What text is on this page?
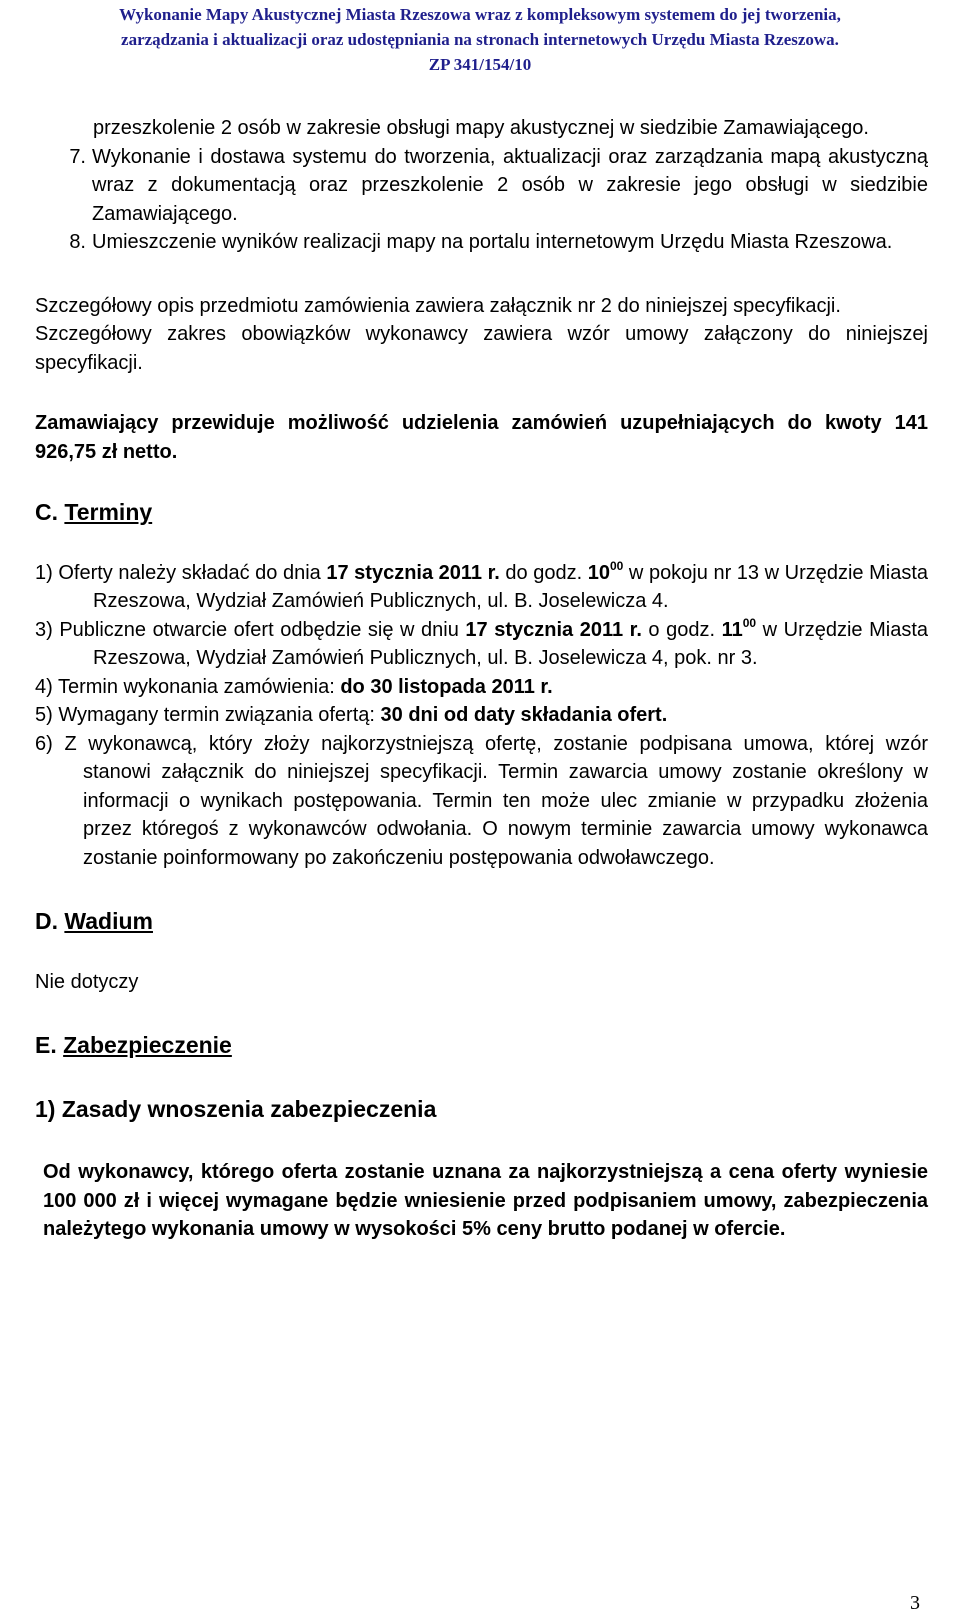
Wykonanie Mapy Akustycznej Miasta Rzeszowa wraz z kompleksowym systemem do jej tworzenia,
zarządzania i aktualizacji oraz udostępniania na stronach internetowych Urzędu Miasta Rzeszowa.
ZP 341/154/10

przeszkolenie 2 osób w zakresie obsługi mapy akustycznej w siedzibie Zamawiającego.

7. Wykonanie i dostawa systemu do tworzenia, aktualizacji oraz zarządzania mapą akustyczną wraz z dokumentacją oraz przeszkolenie 2 osób w zakresie jego obsługi w siedzibie Zamawiającego.

8. Umieszczenie wyników realizacji mapy na portalu internetowym Urzędu Miasta Rzeszowa.

Szczegółowy opis przedmiotu zamówienia zawiera załącznik nr 2 do niniejszej specyfikacji.

Szczegółowy zakres obowiązków wykonawcy zawiera wzór umowy załączony do niniejszej specyfikacji.

Zamawiający przewiduje możliwość udzielenia zamówień uzupełniających do kwoty 141 926,75 zł netto.

C. Terminy

1) Oferty należy składać do dnia 17 stycznia 2011 r. do godz. $10^{00}$ w pokoju nr 13 w Urzędzie Miasta Rzeszowa, Wydział Zamówień Publicznych, ul. B. Joselewicza 4.

3) Publiczne otwarcie ofert odbędzie się w dniu 17 stycznia 2011 r. o godz. $11^{00}$ w Urzędzie Miasta Rzeszowa, Wydział Zamówień Publicznych, ul. B. Joselewicza 4, pok. nr 3.

4) Termin wykonania zamówienia: do 30 listopada 2011 r.

5) Wymagany termin związania ofertą: 30 dni od daty składania ofert.

6) Z wykonawcą, który złoży najkorzystniejszą ofertę, zostanie podpisana umowa, której wzór stanowi załącznik do niniejszej specyfikacji. Termin zawarcia umowy zostanie określony w informacji o wynikach postępowania. Termin ten może ulec zmianie w przypadku złożenia przez któregoś z wykonawców odwołania. O nowym terminie zawarcia umowy wykonawca zostanie poinformowany po zakończeniu postępowania odwoławczego.

D. Wadium

Nie dotyczy

E. Zabezpieczenie

1) Zasady wnoszenia zabezpieczenia

Od wykonawcy, którego oferta zostanie uznana za najkorzystniejszą a cena oferty wyniesie 100 000 zł i więcej wymagane będzie wniesienie przed podpisaniem umowy, zabezpieczenia należytego wykonania umowy w wysokości 5% ceny brutto podanej w ofercie.

3
